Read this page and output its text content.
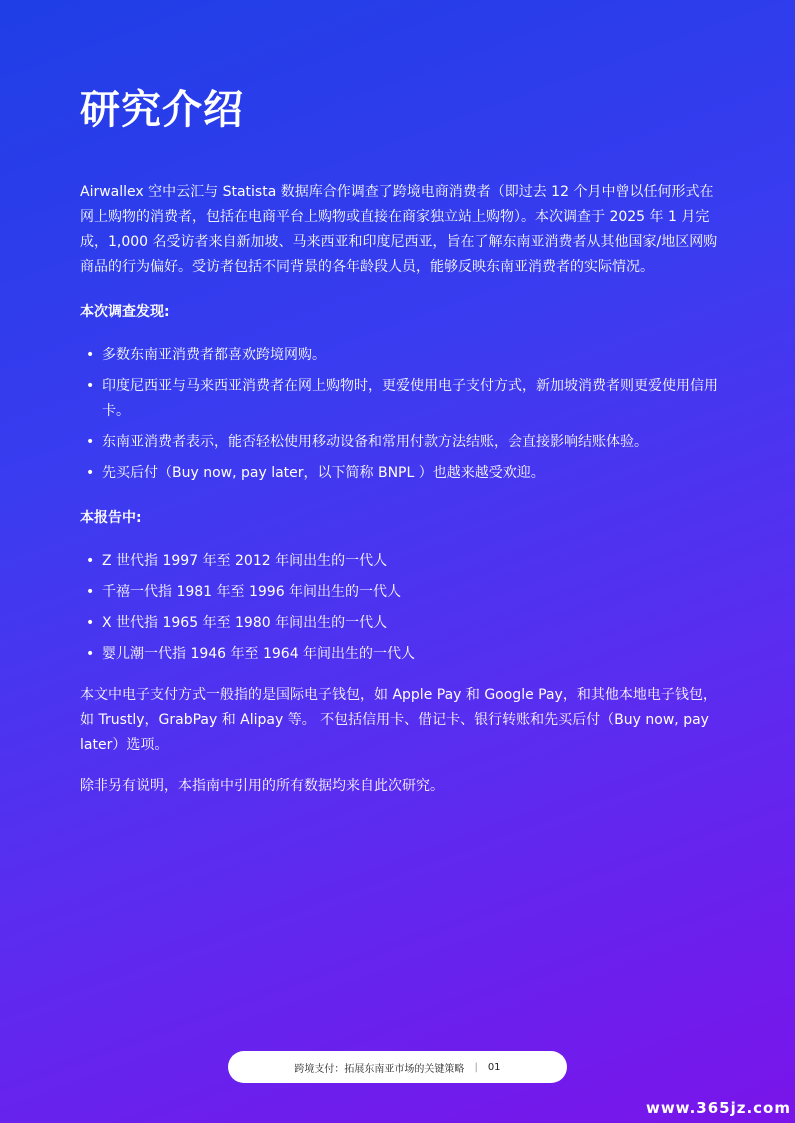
研究介绍

Airwallex 空中云汇与 Statista 数据库合作调查了跨境电商消费者（即过去 12 个月中曾以任何形式在网上购物的消费者，包括在电商平台上购物或直接在商家独立站上购物）。本次调查于 2025 年 1 月完成，1,000 名受访者来自新加坡、马来西亚和印度尼西亚，旨在了解东南亚消费者从其他国家/地区网购商品的行为偏好。受访者包括不同背景的各年龄段人员，能够反映东南亚消费者的实际情况。

本次调查发现:

• 多数东南亚消费者都喜欢跨境网购。
• 印度尼西亚与马来西亚消费者在网上购物时，更爱使用电子支付方式，新加坡消费者则更爱使用信用卡。
• 东南亚消费者表示，能否轻松使用移动设备和常用付款方法结账，会直接影响结账体验。
• 先买后付（Buy now, pay later，以下简称 BNPL ）也越来越受欢迎。

本报告中:

• Z 世代指 1997 年至 2012 年间出生的一代人
• 千禧一代指 1981 年至 1996 年间出生的一代人
• X 世代指 1965 年至 1980 年间出生的一代人
• 婴儿潮一代指 1946 年至 1964 年间出生的一代人

本文中电子支付方式一般指的是国际电子钱包，如 Apple Pay 和 Google Pay，和其他本地电子钱包，如 Trustly，GrabPay 和 Alipay 等。 不包括信用卡、借记卡、银行转账和先买后付（Buy now, pay later）选项。

除非另有说明，本指南中引用的所有数据均来自此次研究。

跨境支付：拓展东南亚市场的关键策略 | 01
www.365jz.com
